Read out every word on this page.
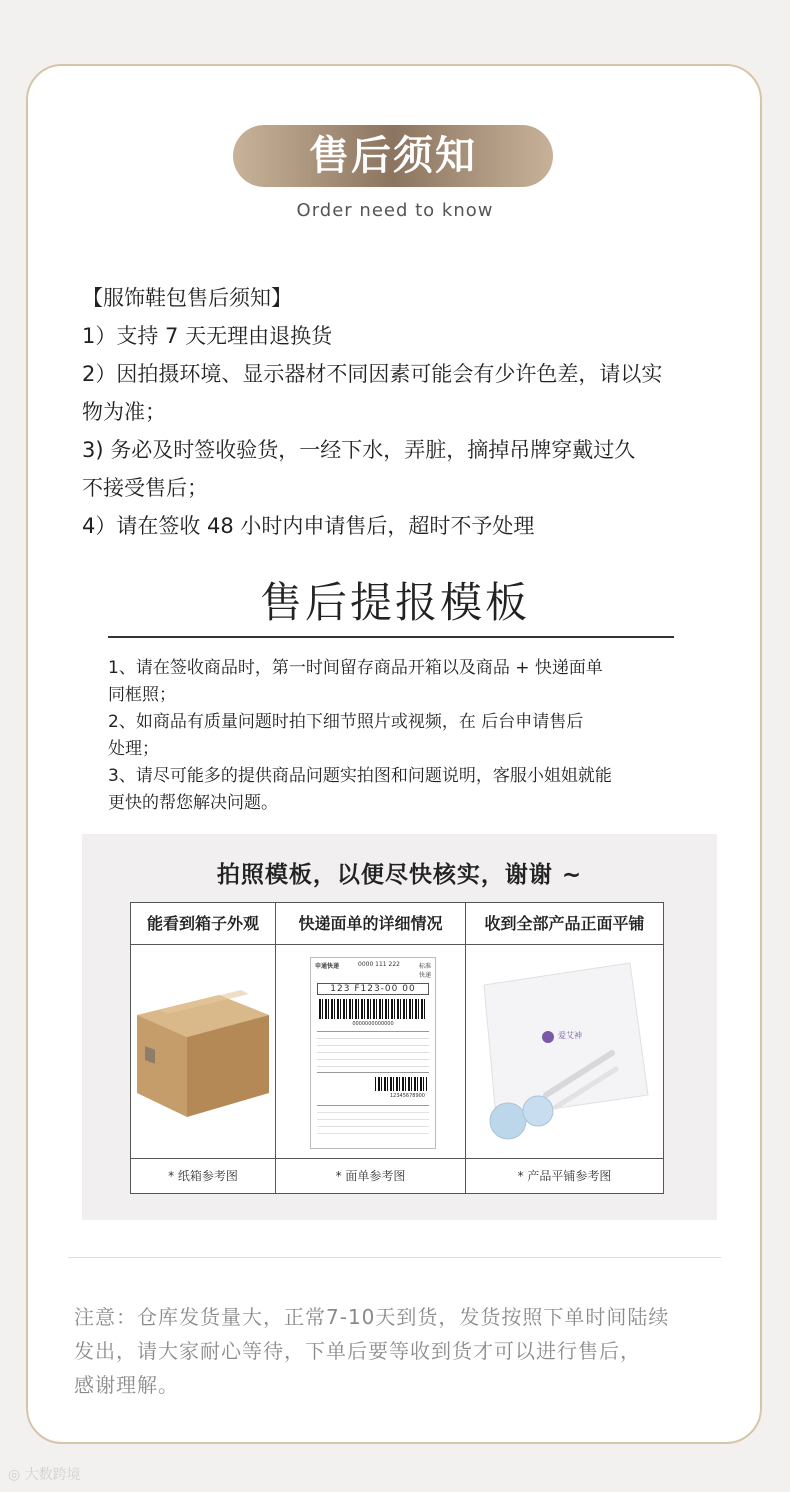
售后须知
Order need to know
【服饰鞋包售后须知】
1）支持 7 天无理由退换货
2）因拍摄环境、显示器材不同因素可能会有少许色差，请以实
物为准；
3) 务必及时签收验货，一经下水，弄脏，摘掉吊牌穿戴过久
不接受售后；
4）请在签收 48 小时内申请售后，超时不予处理
售后提报模板
1、请在签收商品时，第一时间留存商品开箱以及商品 + 快递面单
同框照；
2、如商品有质量问题时拍下细节照片或视频，在 后台申请售后
处理；
3、请尽可能多的提供商品问题实拍图和问题说明，客服小姐姐就能
更快的帮您解决问题。
拍照模板，以便尽快核实，谢谢 ~
能看到箱子外观
* 纸箱参考图
快递面单的详细情况
申通快递	0000 111 222	标准
快递
123 F123-00 00
0000000000000
12345678900
* 面单参考图
收到全部产品正面平铺
爱艾神
* 产品平铺参考图
注意：仓库发货量大，正常7-10天到货，发货按照下单时间陆续
发出，请大家耐心等待，下单后要等收到货才可以进行售后，
感谢理解。
◎ 大数跨境
